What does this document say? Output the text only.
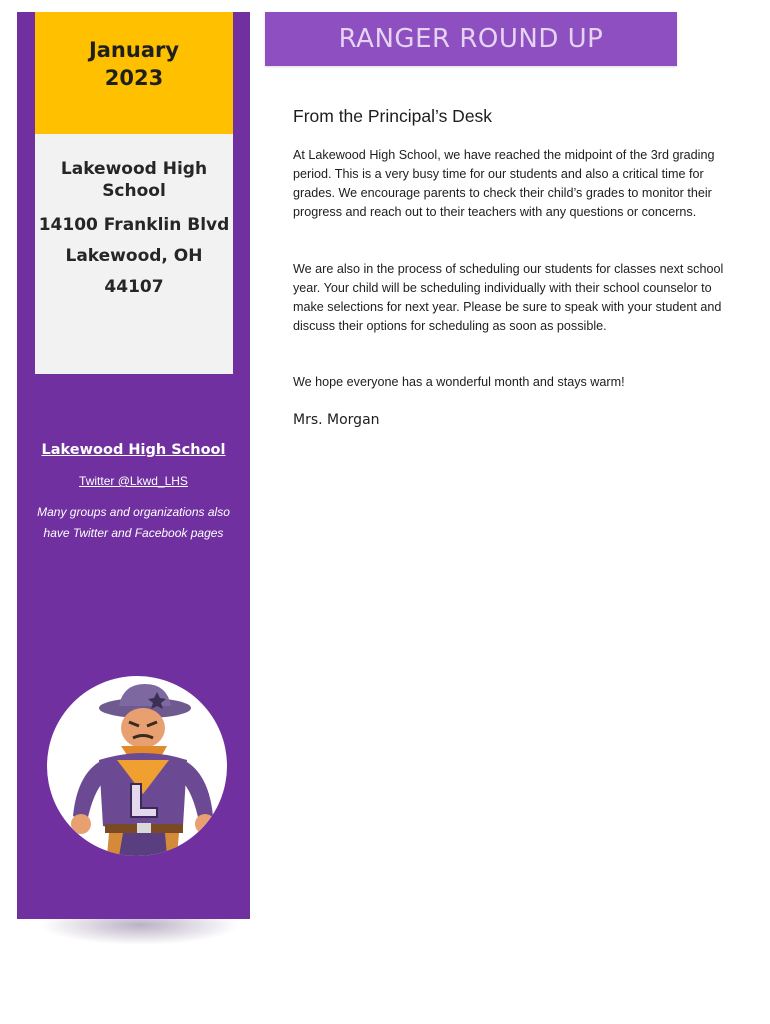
January
2023
Lakewood High School
14100 Franklin Blvd
Lakewood, OH
44107
Lakewood High School
Twitter @Lkwd_LHS
Many groups and organizations also have Twitter and Facebook pages
RANGER ROUND UP
From the Principal’s Desk
At Lakewood High School, we have reached the midpoint of the 3rd grading period. This is a very busy time for our students and also a critical time for grades. We encourage parents to check their child’s grades to monitor their progress and reach out to their teachers with any questions or concerns.
We are also in the process of scheduling our students for classes next school year. Your child will be scheduling individually with their school counselor to make selections for next year. Please be sure to speak with your student and discuss their options for scheduling as soon as possible.
We hope everyone has a wonderful month and stays warm!
Mrs. Morgan
